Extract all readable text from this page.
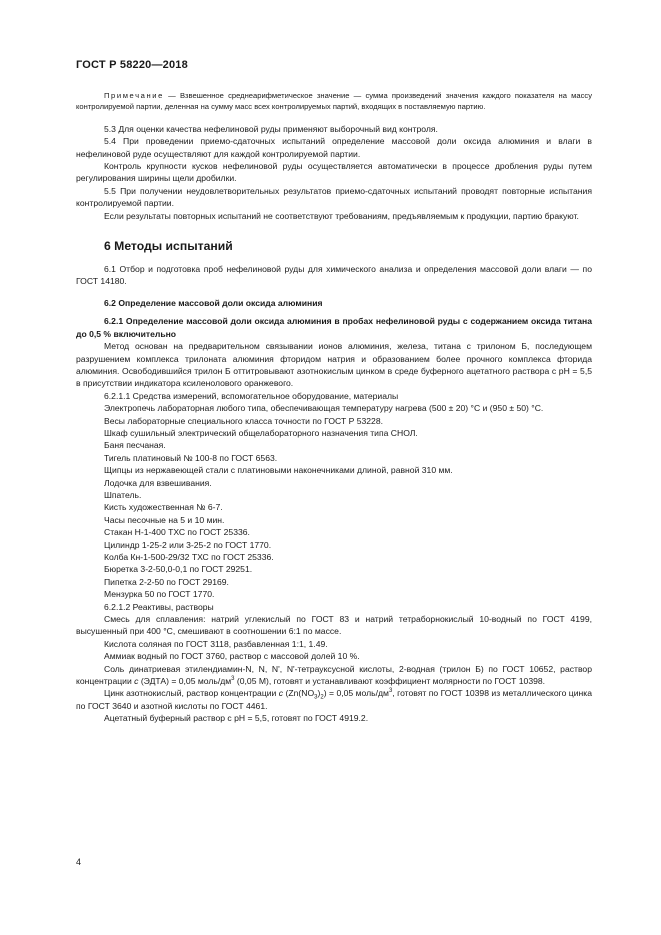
ГОСТ Р 58220—2018

Примечание — Взвешенное среднеарифметическое значение — сумма произведений значения каждого показателя на массу контролируемой партии, деленная на сумму масс всех контролируемых партий, входящих в поставляемую партию.

5.3 Для оценки качества нефелиновой руды применяют выборочный вид контроля.

5.4 При проведении приемо-сдаточных испытаний определение массовой доли оксида алюминия и влаги в нефелиновой руде осуществляют для каждой контролируемой партии.

Контроль крупности кусков нефелиновой руды осуществляется автоматически в процессе дробления руды путем регулирования ширины щели дробилки.

5.5 При получении неудовлетворительных результатов приемо-сдаточных испытаний проводят повторные испытания контролируемой партии.

Если результаты повторных испытаний не соответствуют требованиям, предъявляемым к продукции, партию бракуют.

6 Методы испытаний

6.1 Отбор и подготовка проб нефелиновой руды для химического анализа и определения массовой доли влаги — по ГОСТ 14180.

6.2 Определение массовой доли оксида алюминия

6.2.1 Определение массовой доли оксида алюминия в пробах нефелиновой руды с содержанием оксида титана до 0,5 % включительно

Метод основан на предварительном связывании ионов алюминия, железа, титана с трилоном Б, последующем разрушением комплекса трилоната алюминия фторидом натрия и образованием более прочного комплекса фторида алюминия. Освободившийся трилон Б оттитровывают азотнокислым цинком в среде буферного ацетатного раствора с рН = 5,5 в присутствии индикатора ксиленолового оранжевого.

6.2.1.1 Средства измерений, вспомогательное оборудование, материалы

Электропечь лабораторная любого типа, обеспечивающая температуру нагрева (500 ± 20) °С и (950 ± 50) °С.

Весы лабораторные специального класса точности по ГОСТ Р 53228.

Шкаф сушильный электрический общелабораторного назначения типа СНОЛ.

Баня песчаная.

Тигель платиновый № 100-8 по ГОСТ 6563.

Щипцы из нержавеющей стали с платиновыми наконечниками длиной, равной 310 мм.

Лодочка для взвешивания.

Шпатель.

Кисть художественная № 6-7.

Часы песочные на 5 и 10 мин.

Стакан Н-1-400 ТХС по ГОСТ 25336.

Цилиндр 1-25-2 или 3-25-2 по ГОСТ 1770.

Колба Кн-1-500-29/32 ТХС по ГОСТ 25336.

Бюретка 3-2-50,0-0,1 по ГОСТ 29251.

Пипетка 2-2-50 по ГОСТ 29169.

Мензурка 50 по ГОСТ 1770.

6.2.1.2 Реактивы, растворы

Смесь для сплавления: натрий углекислый по ГОСТ 83 и натрий тетраборнокислый 10-водный по ГОСТ 4199, высушенный при 400 °С, смешивают в соотношении 6:1 по массе.

Кислота соляная по ГОСТ 3118, разбавленная 1:1, 1.49.

Аммиак водный по ГОСТ 3760, раствор с массовой долей 10 %.

Соль динатриевая этилендиамин-N, N, N', N'-тетрауксусной кислоты, 2-водная (трилон Б) по ГОСТ 10652, раствор концентрации с (ЭДТА) = 0,05 моль/$дм^3$ (0,05 М), готовят и устанавливают коэффициент молярности по ГОСТ 10398.

Цинк азотнокислый, раствор концентрации с $(Zn(NO_3)_2) = 0,05$ моль/$дм^3$, готовят по ГОСТ 10398 из металлического цинка по ГОСТ 3640 и азотной кислоты по ГОСТ 4461.

Ацетатный буферный раствор с рН = 5,5, готовят по ГОСТ 4919.2.

4
